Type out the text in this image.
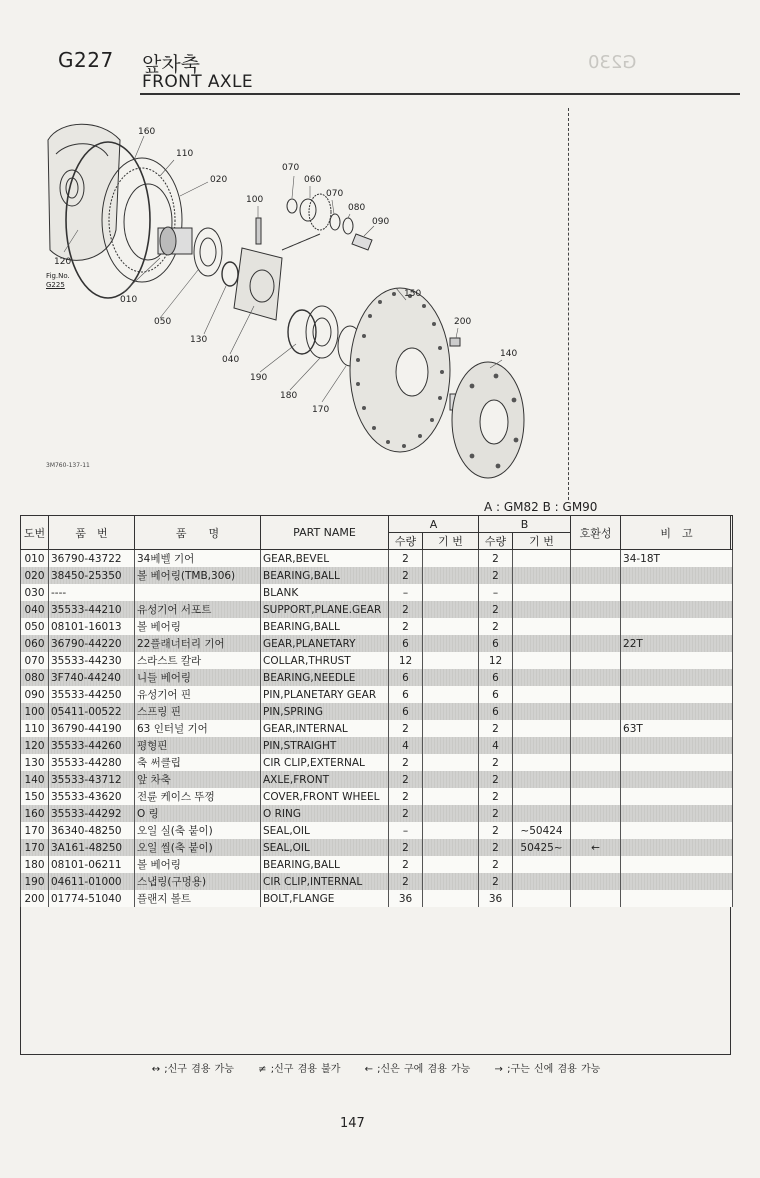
G230
G227 앞차축
FRONT AXLE
160
110
020
120
010
050
130
040
190
180
170
100
070
060
070
080
090
150
200
140
Fig.No.
G225
3M760-137-11
A : GM82 B : GM90
도번	품　번	품　　명	PART NAME	A		B		호환성	비　고
				수량	기 번	수량	기 번		
010	36790-43722	34베벨 기어	GEAR,BEVEL	2		2			34-18T
020	38450-25350	볼 베어링(TMB,306)	BEARING,BALL	2		2			
030	----		BLANK	–		–			
040	35533-44210	유성기어 서포트	SUPPORT,PLANE.GEAR	2		2			
050	08101-16013	볼 베어링	BEARING,BALL	2		2			
060	36790-44220	22플래너터리 기어	GEAR,PLANETARY	6		6			22T
070	35533-44230	스라스트 칼라	COLLAR,THRUST	12		12			
080	3F740-44240	니들 베어링	BEARING,NEEDLE	6		6			
090	35533-44250	유성기어 핀	PIN,PLANETARY GEAR	6		6			
100	05411-00522	스프링 핀	PIN,SPRING	6		6			
110	36790-44190	63 인터널 기어	GEAR,INTERNAL	2		2			63T
120	35533-44260	평형핀	PIN,STRAIGHT	4		4			
130	35533-44280	축 써클립	CIR CLIP,EXTERNAL	2		2			
140	35533-43712	앞 차축	AXLE,FRONT	2		2			
150	35533-43620	전륜 케이스 뚜껑	COVER,FRONT WHEEL	2		2			
160	35533-44292	O 링	O RING	2		2			
170	36340-48250	오일 실(축 붙이)	SEAL,OIL	–		2	~50424		
170	3A161-48250	오일 씰(축 붙이)	SEAL,OIL	2		2	50425~	←	
180	08101-06211	볼 베어링	BEARING,BALL	2		2			
190	04611-01000	스냅링(구멍용)	CIR CLIP,INTERNAL	2		2			
200	01774-51040	플랜지 볼트	BOLT,FLANGE	36		36			
↔ ;신구 겸용 가능 ≠ ;신구 겸용 불가 ← ;신은 구에 겸용 가능 → ;구는 신에 겸용 가능
147
